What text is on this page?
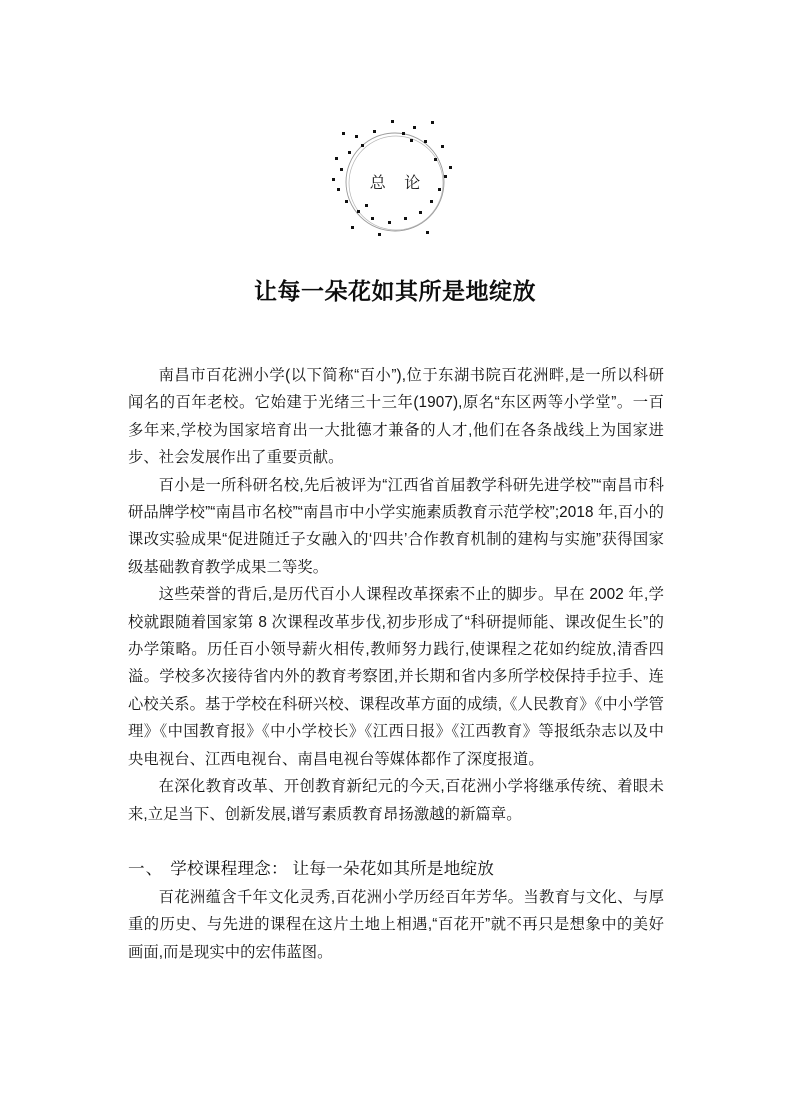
总 论
让每一朵花如其所是地绽放

南昌市百花洲小学(以下简称“百小”),位于东湖书院百花洲畔,是一所以科研闻名的百年老校。它始建于光绪三十三年(1907),原名“东区两等小学堂”。一百多年来,学校为国家培育出一大批德才兼备的人才,他们在各条战线上为国家进步、社会发展作出了重要贡献。

百小是一所科研名校,先后被评为“江西省首届教学科研先进学校”“南昌市科研品牌学校”“南昌市名校”“南昌市中小学实施素质教育示范学校”;2018 年,百小的课改实验成果“促进随迁子女融入的‘四共’合作教育机制的建构与实施”获得国家级基础教育教学成果二等奖。

这些荣誉的背后,是历代百小人课程改革探索不止的脚步。早在 2002 年,学校就跟随着国家第 8 次课程改革步伐,初步形成了“科研提师能、课改促生长”的办学策略。历任百小领导薪火相传,教师努力践行,使课程之花如约绽放,清香四溢。学校多次接待省内外的教育考察团,并长期和省内多所学校保持手拉手、连心校关系。基于学校在科研兴校、课程改革方面的成绩,《人民教育》《中小学管理》《中国教育报》《中小学校长》《江西日报》《江西教育》等报纸杂志以及中央电视台、江西电视台、南昌电视台等媒体都作了深度报道。

在深化教育改革、开创教育新纪元的今天,百花洲小学将继承传统、着眼未来,立足当下、创新发展,谱写素质教育昂扬激越的新篇章。

一、 学校课程理念： 让每一朵花如其所是地绽放

百花洲蕴含千年文化灵秀,百花洲小学历经百年芳华。当教育与文化、与厚重的历史、与先进的课程在这片土地上相遇,“百花开”就不再只是想象中的美好画面,而是现实中的宏伟蓝图。
